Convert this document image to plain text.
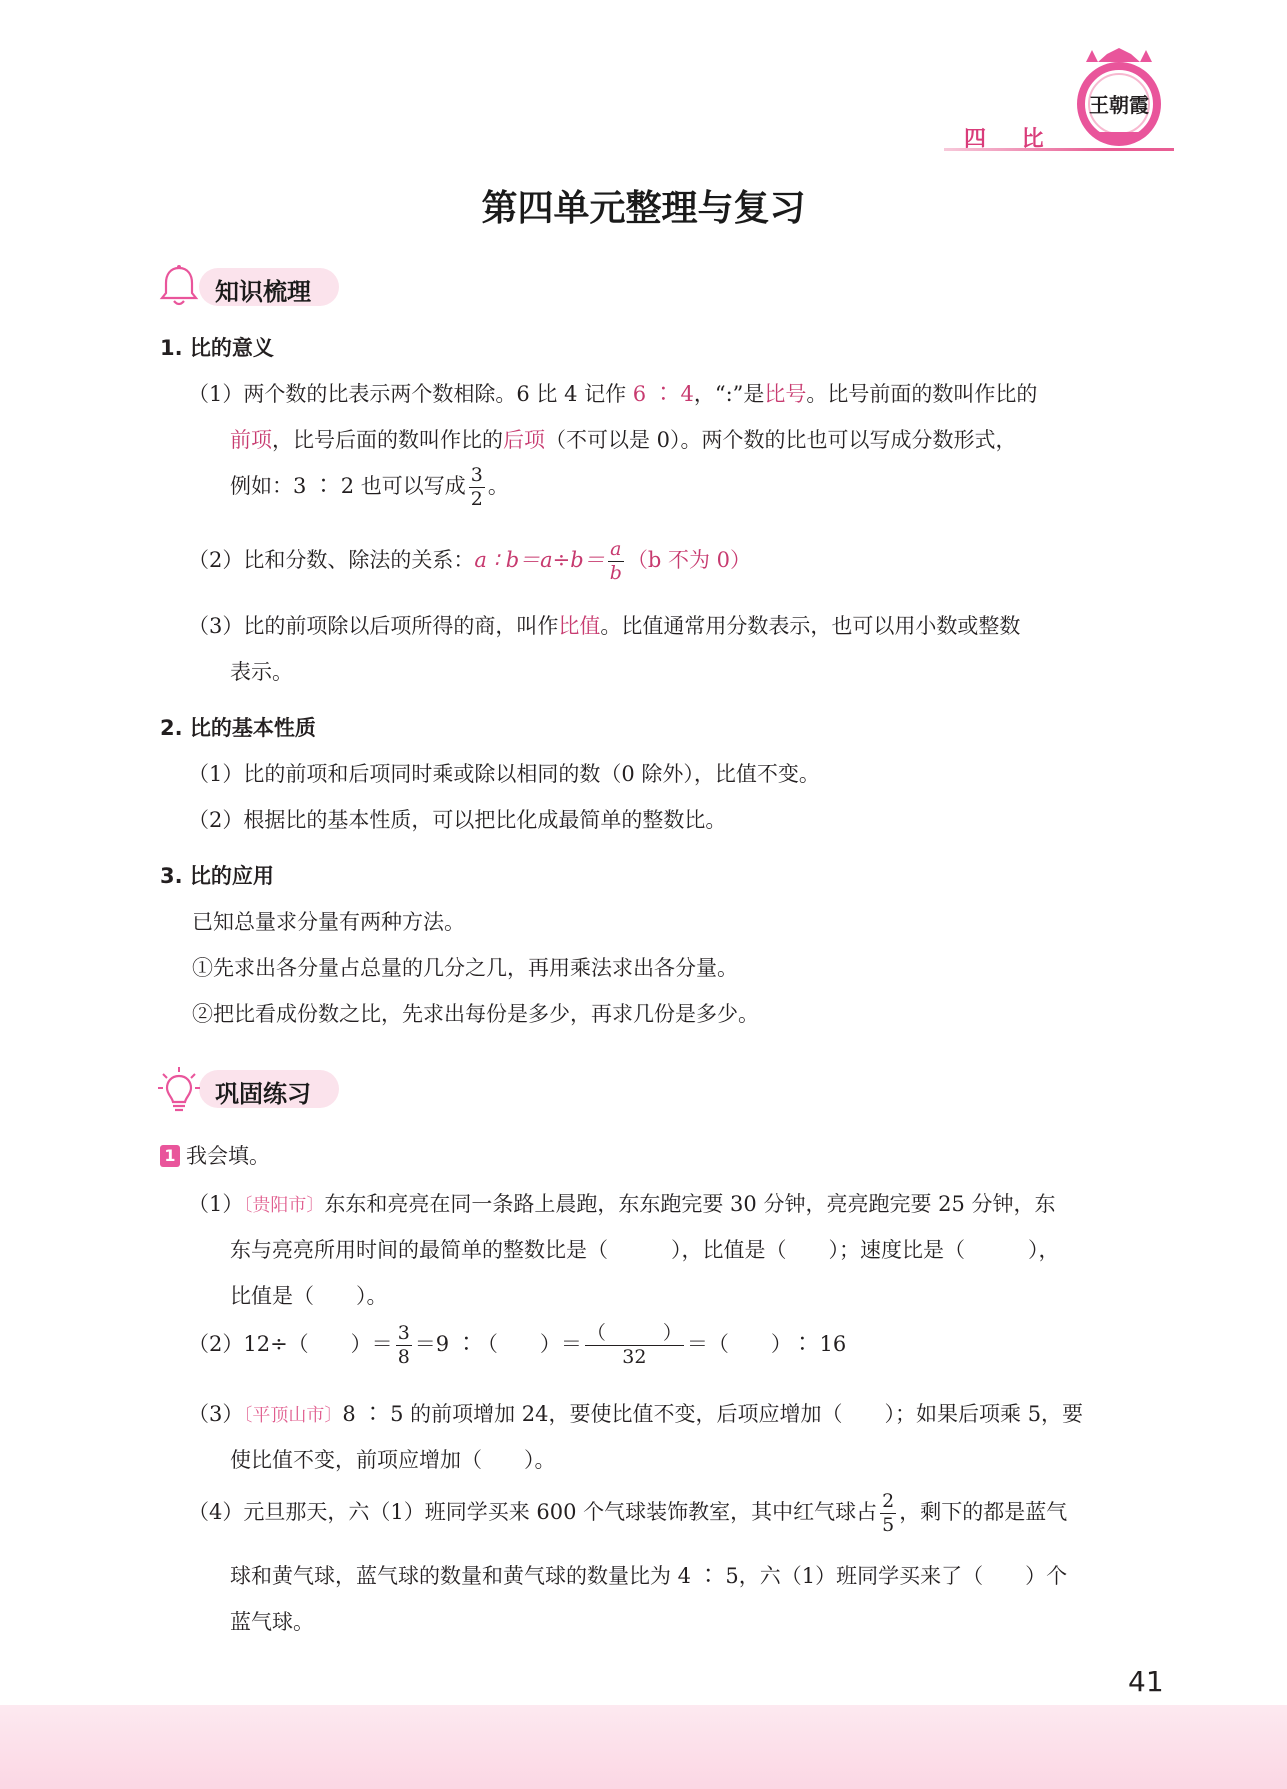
王朝霞
四 比
第四单元整理与复习
知识梳理
1. 比的意义
（1）两个数的比表示两个数相除。6 比 4 记作 6 ∶ 4，“:”是比号。比号前面的数叫作比的
前项，比号后面的数叫作比的后项（不可以是 0）。两个数的比也可以写成分数形式，
例如：3 ∶ 2 也可以写成 $\frac{3}{2}$ 。
（2）比和分数、除法的关系：a ∶ $b=a\div b= \frac{a}{b} (b$ 不为 0）
（3）比的前项除以后项所得的商，叫作比值。比值通常用分数表示，也可以用小数或整数
表示。
2. 比的基本性质
（1）比的前项和后项同时乘或除以相同的数（0 除外），比值不变。
（2）根据比的基本性质，可以把比化成最简单的整数比。
3. 比的应用
已知总量求分量有两种方法。
①先求出各分量占总量的几分之几，再用乘法求出各分量。
②把比看成份数之比，先求出每份是多少，再求几份是多少。
巩固练习
1 我会填。
（1）〔贵阳市〕东东和亮亮在同一条路上晨跑，东东跑完要 30 分钟，亮亮跑完要 25 分钟，东
东与亮亮所用时间的最简单的整数比是（　　　），比值是（　　）；速度比是（　　　），
比值是（　　）。
（2）12÷（　　）＝ $\frac{3}{8} =9$ ∶（　　）＝ $\frac{( )}{32}$ ＝（　　）∶ 16
（3）〔平顶山市〕8 ∶ 5 的前项增加 24，要使比值不变，后项应增加（　　）；如果后项乘 5，要
使比值不变，前项应增加（　　）。
（4）元旦那天，六（1）班同学买来 600 个气球装饰教室，其中红气球占 $\frac{2}{5}$ ，剩下的都是蓝气
球和黄气球，蓝气球的数量和黄气球的数量比为 4 ∶ 5，六（1）班同学买来了（　　）个
蓝气球。
41
